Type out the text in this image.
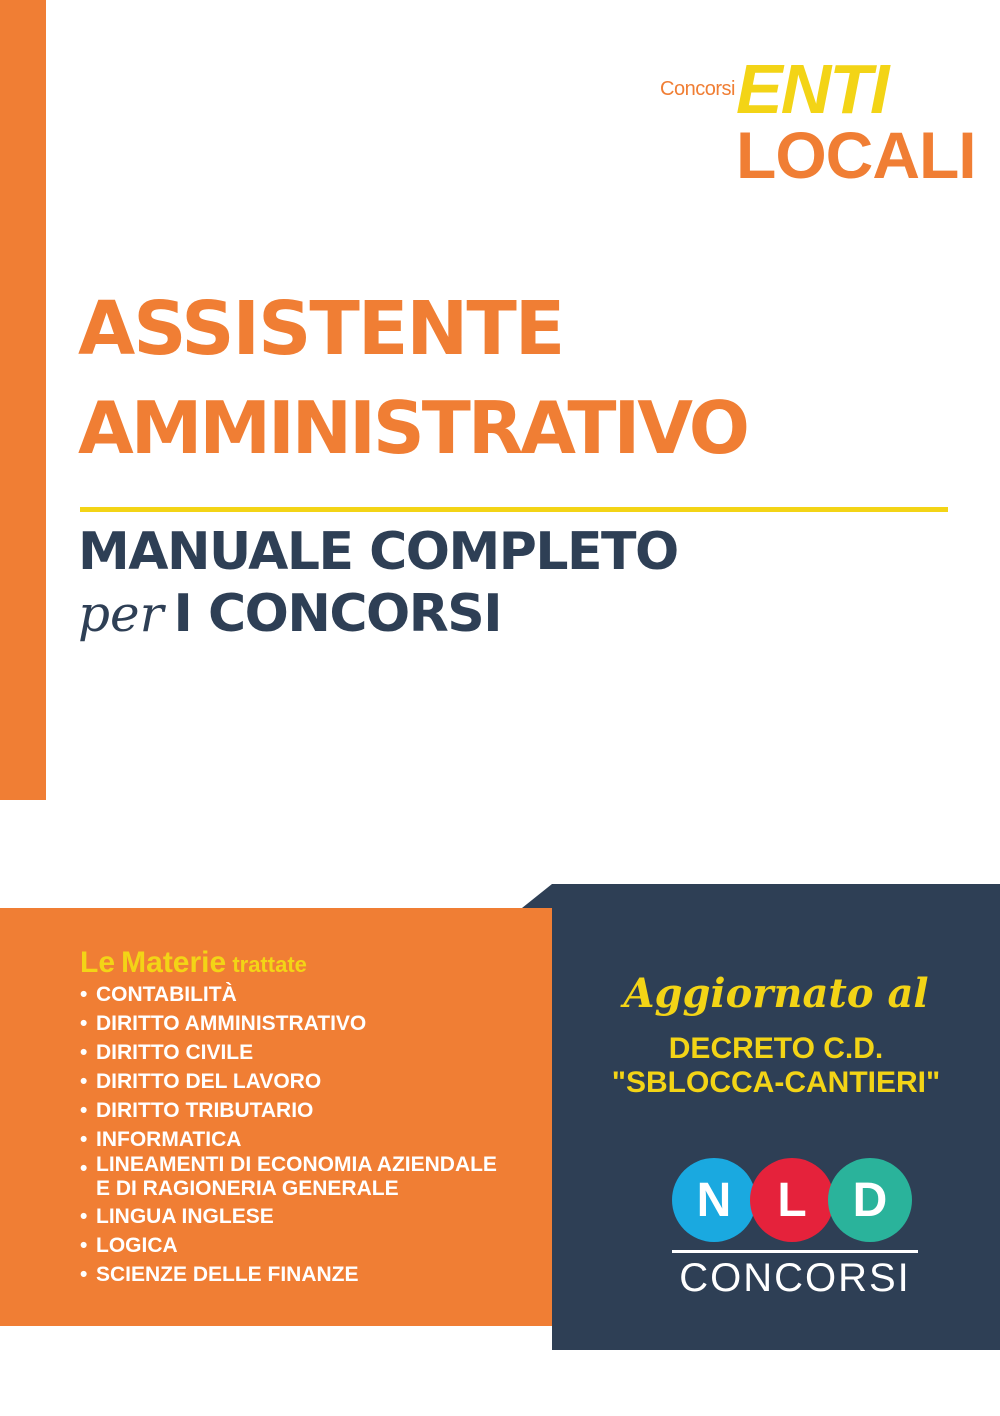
Concorsi ENTI
LOCALI
ASSISTENTE
AMMINISTRATIVO
MANUALE COMPLETO
per I CONCORSI
Le Materie trattate
• CONTABILITÀ
• DIRITTO AMMINISTRATIVO
• DIRITTO CIVILE
• DIRITTO DEL LAVORO
• DIRITTO TRIBUTARIO
• INFORMATICA
• LINEAMENTI DI ECONOMIA AZIENDALE
E DI RAGIONERIA GENERALE
• LINGUA INGLESE
• LOGICA
• SCIENZE DELLE FINANZE
Aggiornato al
DECRETO C.D.
"SBLOCCA-CANTIERI"
N L D
CONCORSI
